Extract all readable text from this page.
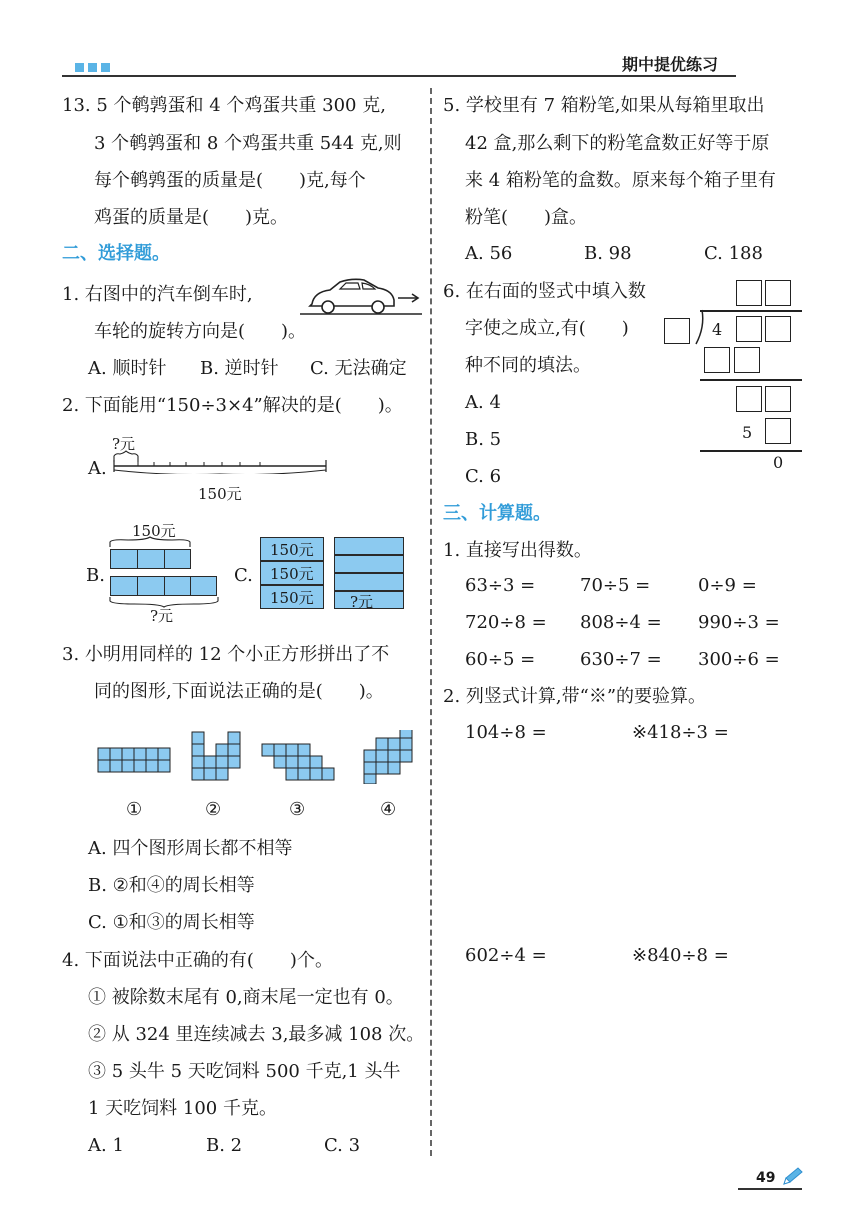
期中提优练习
13. 5 个鹌鹑蛋和 4 个鸡蛋共重 300 克,
3 个鹌鹑蛋和 8 个鸡蛋共重 544 克,则
每个鹌鹑蛋的质量是(　　)克,每个
鸡蛋的质量是(　　)克。
二、选择题。
1. 右图中的汽车倒车时,
车轮的旋转方向是(　　)。
A. 顺时针 B. 逆时针 C. 无法确定
2. 下面能用“150÷3×4”解决的是(　　)。
A.
?元
150元
B.
150元
?元
C.
150元
150元
150元 ?元
3. 小明用同样的 12 个小正方形拼出了不
同的图形,下面说法正确的是(　　)。
①	②	③	④
A. 四个图形周长都不相等
B. ②和④的周长相等
C. ①和③的周长相等
4. 下面说法中正确的有(　　)个。
① 被除数末尾有 0,商末尾一定也有 0。
② 从 324 里连续减去 3,最多减 108 次。
③ 5 头牛 5 天吃饲料 500 千克,1 头牛
1 天吃饲料 100 千克。
A. 1	B. 2	C. 3
5. 学校里有 7 箱粉笔,如果从每箱里取出
42 盒,那么剩下的粉笔盒数正好等于原
来 4 箱粉笔的盒数。原来每个箱子里有
粉笔(　　)盒。
A. 56	B. 98	C. 188
6. 在右面的竖式中填入数
字使之成立,有(　　)
种不同的填法。
A. 4
B. 5
C. 6
4
5
0
三、计算题。
1. 直接写出得数。
63÷3 = 70÷5 =	0÷9 =
720÷8 = 808÷4 = 990÷3 =
60÷5 = 630÷7 = 300÷6 =
2. 列竖式计算,带“※”的要验算。
104÷8 =	※418÷3 =
602÷4 =	※840÷8 =
49
